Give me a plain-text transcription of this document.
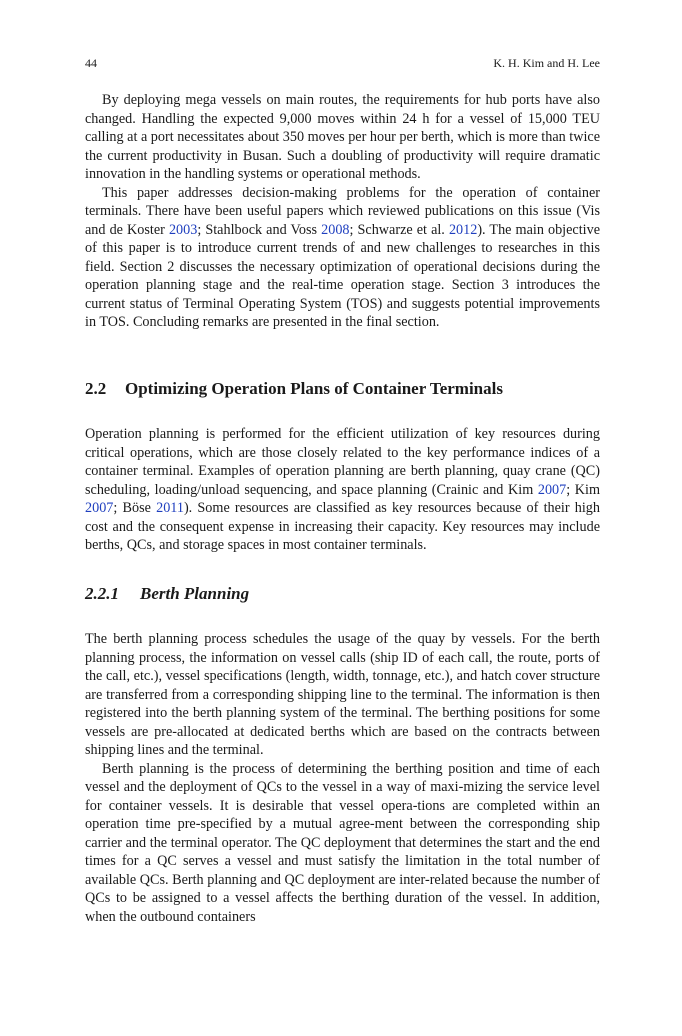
44	K. H. Kim and H. Lee

By deploying mega vessels on main routes, the requirements for hub ports have also changed. Handling the expected 9,000 moves within 24 h for a vessel of 15,000 TEU calling at a port necessitates about 350 moves per hour per berth, which is more than twice the current productivity in Busan. Such a doubling of productivity will require dramatic innovation in the handling systems or operational methods.

This paper addresses decision-making problems for the operation of container terminals. There have been useful papers which reviewed publications on this issue (Vis and de Koster 2003; Stahlbock and Voss 2008; Schwarze et al. 2012). The main objective of this paper is to introduce current trends of and new challenges to researches in this field. Section 2 discusses the necessary optimization of operational decisions during the operation planning stage and the real-time operation stage. Section 3 introduces the current status of Terminal Operating System (TOS) and suggests potential improvements in TOS. Concluding remarks are presented in the final section.

2.2 Optimizing Operation Plans of Container Terminals

Operation planning is performed for the efficient utilization of key resources during critical operations, which are those closely related to the key performance indices of a container terminal. Examples of operation planning are berth planning, quay crane (QC) scheduling, loading/unload sequencing, and space planning (Crainic and Kim 2007; Kim 2007; Böse 2011). Some resources are classified as key resources because of their high cost and the consequent expense in increasing their capacity. Key resources may include berths, QCs, and storage spaces in most container terminals.

2.2.1 Berth Planning

The berth planning process schedules the usage of the quay by vessels. For the berth planning process, the information on vessel calls (ship ID of each call, the route, ports of the call, etc.), vessel specifications (length, width, tonnage, etc.), and hatch cover structure are transferred from a corresponding shipping line to the terminal. The information is then registered into the berth planning system of the terminal. The berthing positions for some vessels are pre-allocated at dedicated berths which are based on the contracts between shipping lines and the terminal.

Berth planning is the process of determining the berthing position and time of each vessel and the deployment of QCs to the vessel in a way of maxi-mizing the service level for container vessels. It is desirable that vessel opera-tions are completed within an operation time pre-specified by a mutual agree-ment between the corresponding ship carrier and the terminal operator. The QC deployment that determines the start and the end times for a QC serves a vessel and must satisfy the limitation in the total number of available QCs. Berth planning and QC deployment are inter-related because the number of QCs to be assigned to a vessel affects the berthing duration of the vessel. In addition, when the outbound containers
